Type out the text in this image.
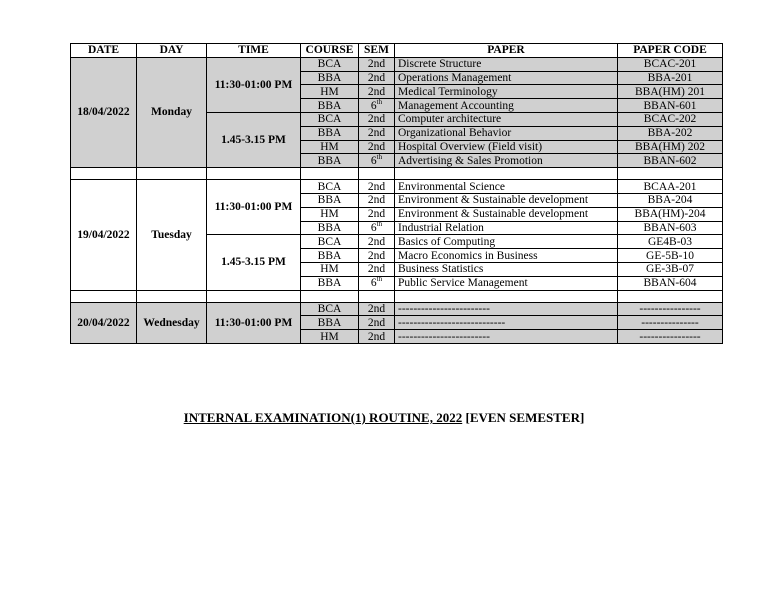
DATE	DAY	TIME	COURSE	SEM	PAPER	PAPER CODE
18/04/2022	Monday	11:30-01:00 PM	BCA	2nd	Discrete Structure	BCAC-201
			BBA	2nd	Operations Management	BBA-201
			HM	2nd	Medical Terminology	BBA(HM) 201
			BBA	6th	Management Accounting	BBAN-601
		1.45-3.15 PM	BCA	2nd	Computer architecture	BCAC-202
			BBA	2nd	Organizational Behavior	BBA-202
			HM	2nd	Hospital Overview (Field visit)	BBA(HM) 202
			BBA	6th	Advertising & Sales Promotion	BBAN-602

19/04/2022	Tuesday	11:30-01:00 PM	BCA	2nd	Environmental Science	BCAA-201
			BBA	2nd	Environment & Sustainable development	BBA-204
			HM	2nd	Environment & Sustainable development	BBA(HM)-204
			BBA	6th	Industrial Relation	BBAN-603
		1.45-3.15 PM	BCA	2nd	Basics of Computing	GE4B-03
			BBA	2nd	Macro Economics in Business	GE-5B-10
			HM	2nd	Business Statistics	GE-3B-07
			BBA	6th	Public Service Management	BBAN-604

20/04/2022	Wednesday	11:30-01:00 PM	BCA	2nd	------------------------	----------------
			BBA	2nd	----------------------------	---------------
			HM	2nd	------------------------	----------------
INTERNAL EXAMINATION(1) ROUTINE, 2022 [EVEN SEMESTER]
